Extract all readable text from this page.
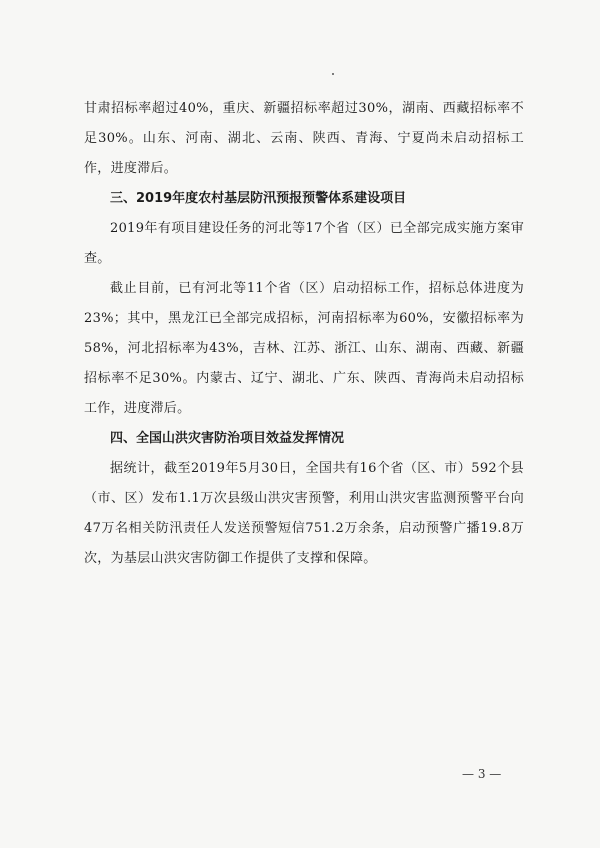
甘肃招标率超过40%，重庆、新疆招标率超过30%，湖南、西藏招标率不足30%。山东、河南、湖北、云南、陕西、青海、宁夏尚未启动招标工作，进度滞后。

三、2019年度农村基层防汛预报预警体系建设项目

2019年有项目建设任务的河北等17个省（区）已全部完成实施方案审查。

截止目前，已有河北等11个省（区）启动招标工作，招标总体进度为23%；其中，黑龙江已全部完成招标，河南招标率为60%，安徽招标率为58%，河北招标率为43%，吉林、江苏、浙江、山东、湖南、西藏、新疆招标率不足30%。内蒙古、辽宁、湖北、广东、陕西、青海尚未启动招标工作，进度滞后。

四、全国山洪灾害防治项目效益发挥情况

据统计，截至2019年5月30日，全国共有16个省（区、市）592个县（市、区）发布1.1万次县级山洪灾害预警，利用山洪灾害监测预警平台向47万名相关防汛责任人发送预警短信751.2万余条，启动预警广播19.8万次，为基层山洪灾害防御工作提供了支撑和保障。

— 3 —
